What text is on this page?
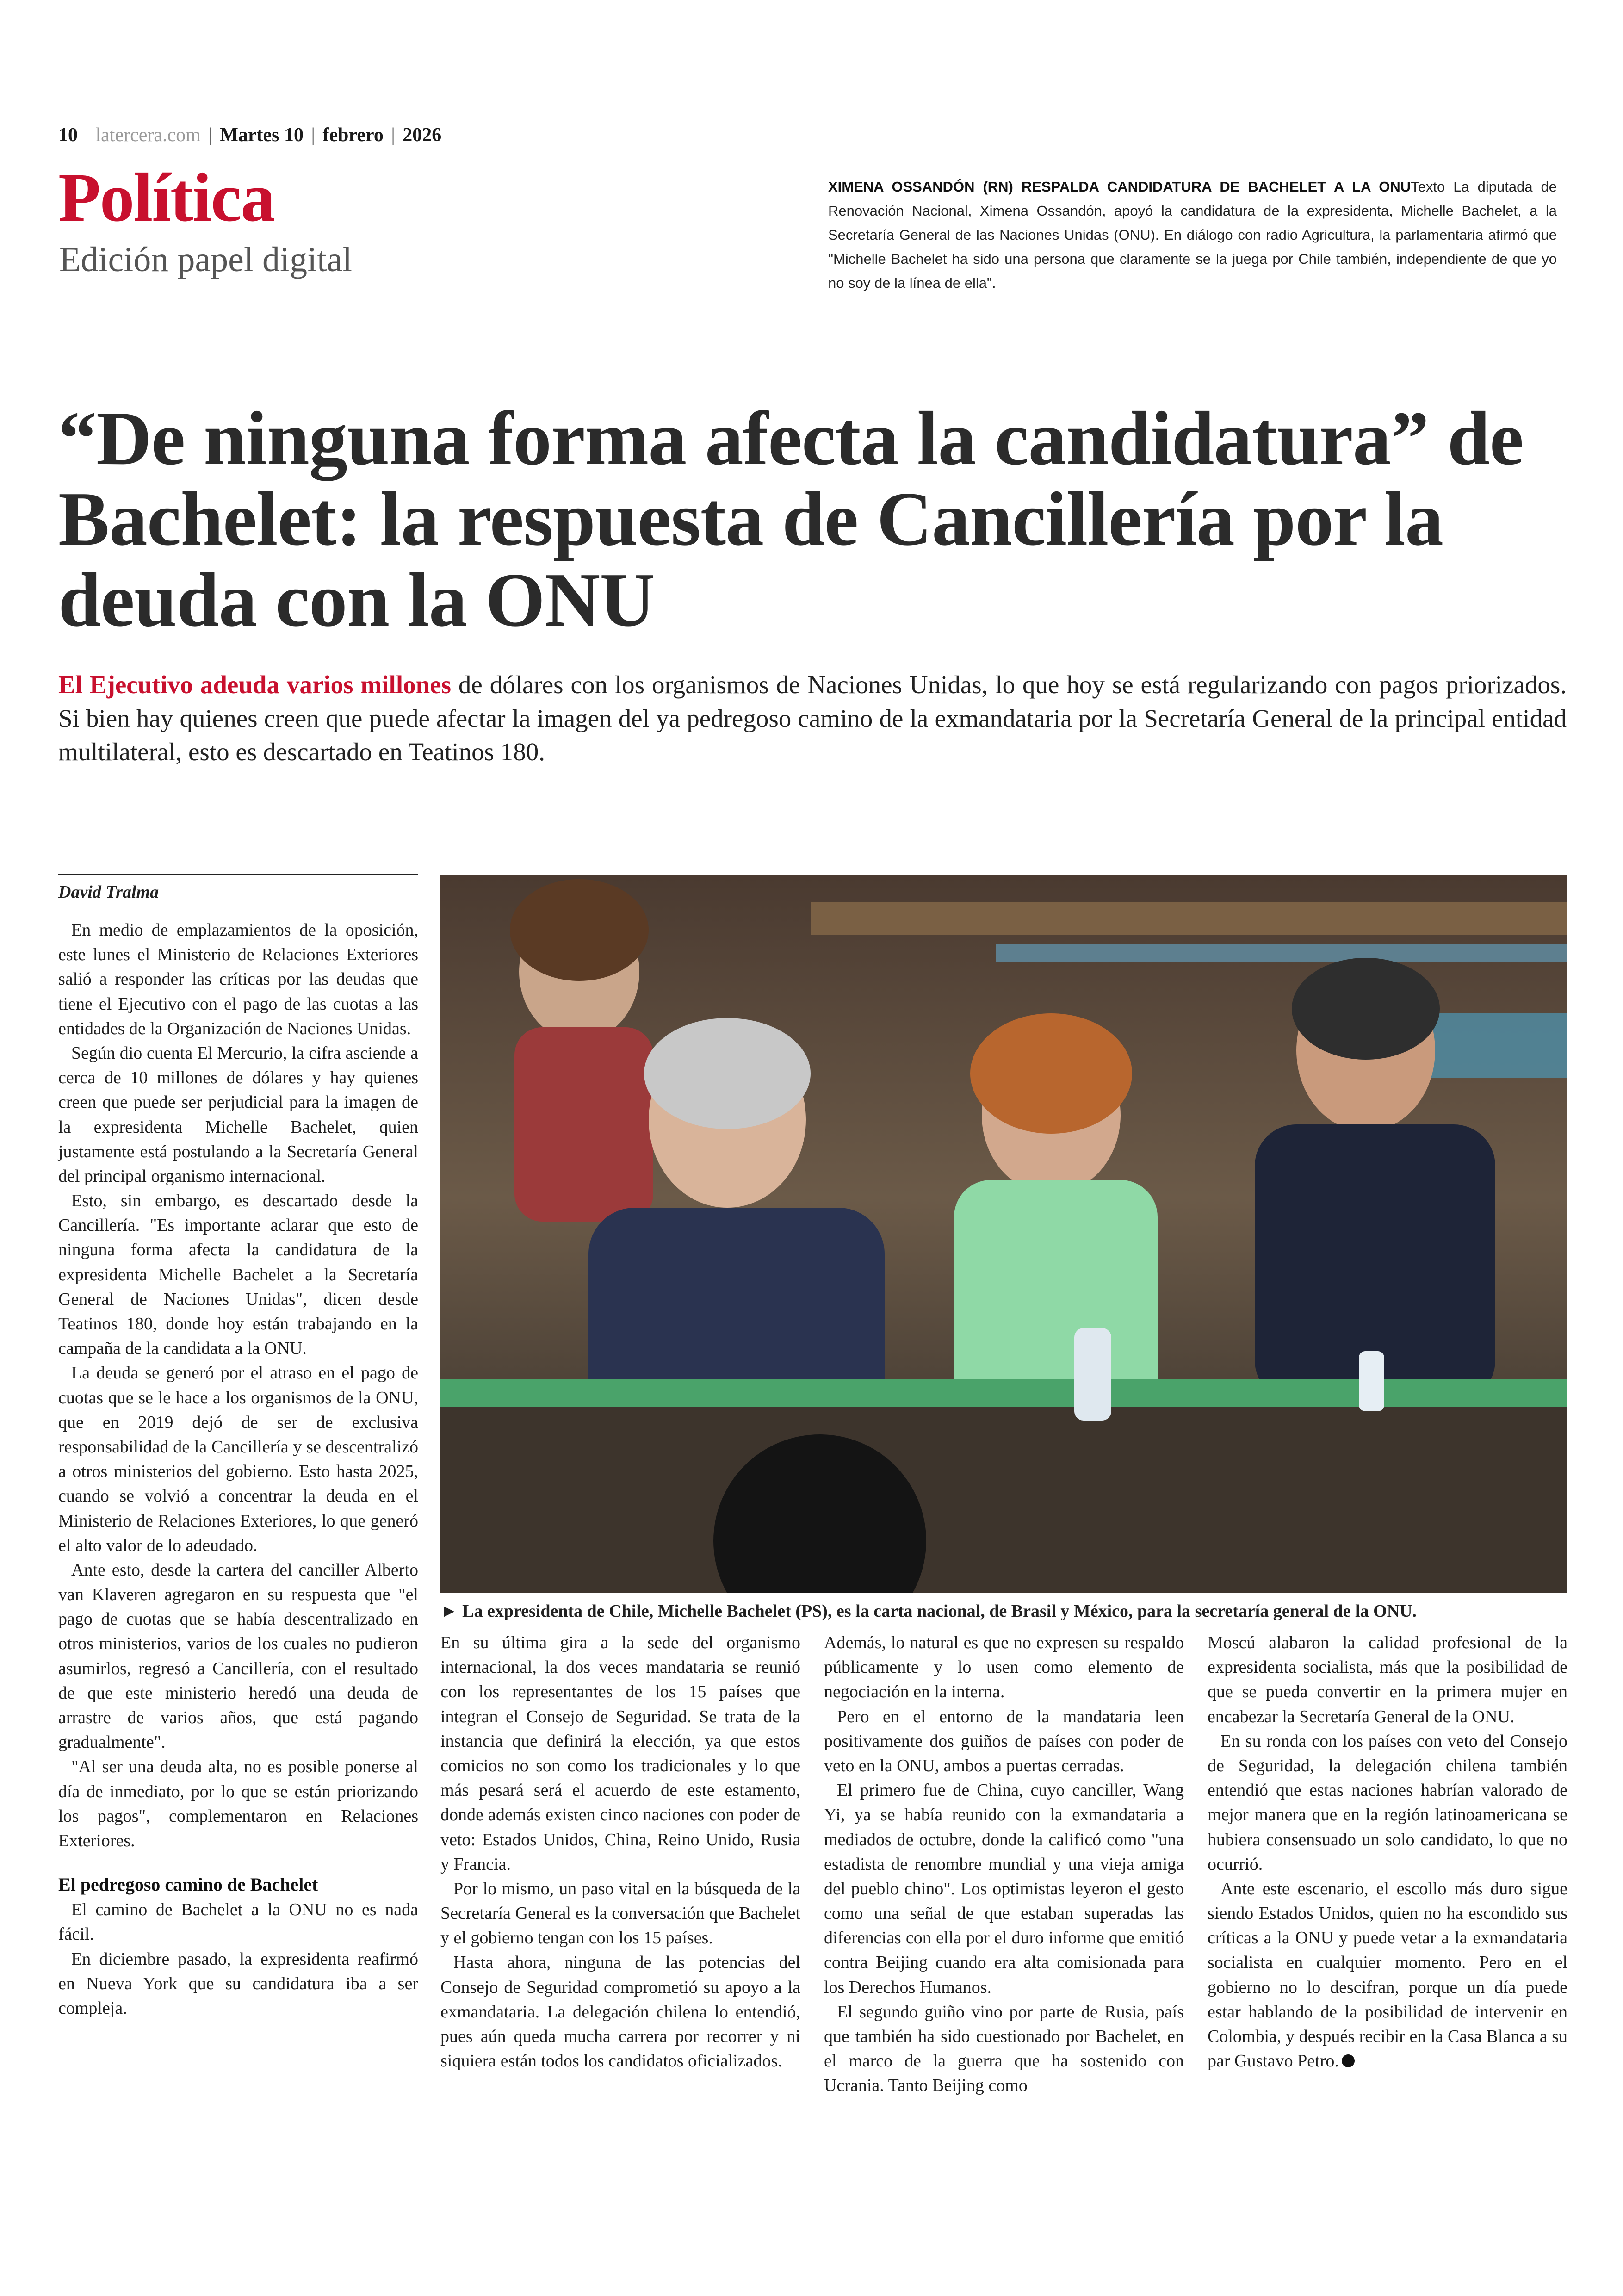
10 latercera.com | Martes 10 | febrero | 2026
Política
Edición papel digital
XIMENA OSSANDÓN (RN) RESPALDA CANDIDATURA DE BACHELET A LA ONUTexto La diputada de Renovación Nacional, Ximena Ossandón, apoyó la candidatura de la expresidenta, Michelle Bachelet, a la Secretaría General de las Naciones Unidas (ONU). En diálogo con radio Agricultura, la parlamentaria afirmó que "Michelle Bachelet ha sido una persona que claramente se la juega por Chile también, independiente de que yo no soy de la línea de ella".
“De ninguna forma afecta la candidatura” de Bachelet: la respuesta de Cancillería por la deuda con la ONU
El Ejecutivo adeuda varios millones de dólares con los organismos de Naciones Unidas, lo que hoy se está regularizando con pagos priorizados. Si bien hay quienes creen que puede afectar la imagen del ya pedregoso camino de la exmandataria por la Secretaría General de la principal entidad multilateral, esto es descartado en Teatinos 180.
David Tralma

En medio de emplazamientos de la oposición, este lunes el Ministerio de Relaciones Exteriores salió a responder las críticas por las deudas que tiene el Ejecutivo con el pago de las cuotas a las entidades de la Organización de Naciones Unidas.

Según dio cuenta El Mercurio, la cifra asciende a cerca de 10 millones de dólares y hay quienes creen que puede ser perjudicial para la imagen de la expresidenta Michelle Bachelet, quien justamente está postulando a la Secretaría General del principal organismo internacional.

Esto, sin embargo, es descartado desde la Cancillería. "Es importante aclarar que esto de ninguna forma afecta la candidatura de la expresidenta Michelle Bachelet a la Secretaría General de Naciones Unidas", dicen desde Teatinos 180, donde hoy están trabajando en la campaña de la candidata a la ONU.

La deuda se generó por el atraso en el pago de cuotas que se le hace a los organismos de la ONU, que en 2019 dejó de ser de exclusiva responsabilidad de la Cancillería y se descentralizó a otros ministerios del gobierno. Esto hasta 2025, cuando se volvió a concentrar la deuda en el Ministerio de Relaciones Exteriores, lo que generó el alto valor de lo adeudado.

Ante esto, desde la cartera del canciller Alberto van Klaveren agregaron en su respuesta que "el pago de cuotas que se había descentralizado en otros ministerios, varios de los cuales no pudieron asumirlos, regresó a Cancillería, con el resultado de que este ministerio heredó una deuda de arrastre de varios años, que está pagando gradualmente".

"Al ser una deuda alta, no es posible ponerse al día de inmediato, por lo que se están priorizando los pagos", complementaron en Relaciones Exteriores.

El pedregoso camino de Bachelet

El camino de Bachelet a la ONU no es nada fácil.

En diciembre pasado, la expresidenta reafirmó en Nueva York que su candidatura iba a ser compleja.

► La expresidenta de Chile, Michelle Bachelet (PS), es la carta nacional, de Brasil y México, para la secretaría general de la ONU.

En su última gira a la sede del organismo internacional, la dos veces mandataria se reunió con los representantes de los 15 países que integran el Consejo de Seguridad. Se trata de la instancia que definirá la elección, ya que estos comicios no son como los tradicionales y lo que más pesará será el acuerdo de este estamento, donde además existen cinco naciones con poder de veto: Estados Unidos, China, Reino Unido, Rusia y Francia.

Por lo mismo, un paso vital en la búsqueda de la Secretaría General es la conversación que Bachelet y el gobierno tengan con los 15 países.

Hasta ahora, ninguna de las potencias del Consejo de Seguridad comprometió su apoyo a la exmandataria. La delegación chilena lo entendió, pues aún queda mucha carrera por recorrer y ni siquiera están todos los candidatos oficializados.

Además, lo natural es que no expresen su respaldo públicamente y lo usen como elemento de negociación en la interna.

Pero en el entorno de la mandataria leen positivamente dos guiños de países con poder de veto en la ONU, ambos a puertas cerradas.

El primero fue de China, cuyo canciller, Wang Yi, ya se había reunido con la exmandataria a mediados de octubre, donde la calificó como "una estadista de renombre mundial y una vieja amiga del pueblo chino". Los optimistas leyeron el gesto como una señal de que estaban superadas las diferencias con ella por el duro informe que emitió contra Beijing cuando era alta comisionada para los Derechos Humanos.

El segundo guiño vino por parte de Rusia, país que también ha sido cuestionado por Bachelet, en el marco de la guerra que ha sostenido con Ucrania. Tanto Beijing como

Moscú alabaron la calidad profesional de la expresidenta socialista, más que la posibilidad de que se pueda convertir en la primera mujer en encabezar la Secretaría General de la ONU.

En su ronda con los países con veto del Consejo de Seguridad, la delegación chilena también entendió que estas naciones habrían valorado de mejor manera que en la región latinoamericana se hubiera consensuado un solo candidato, lo que no ocurrió.

Ante este escenario, el escollo más duro sigue siendo Estados Unidos, quien no ha escondido sus críticas a la ONU y puede vetar a la exmandataria socialista en cualquier momento. Pero en el gobierno no lo descifran, porque un día puede estar hablando de la posibilidad de intervenir en Colombia, y después recibir en la Casa Blanca a su par Gustavo Petro.
